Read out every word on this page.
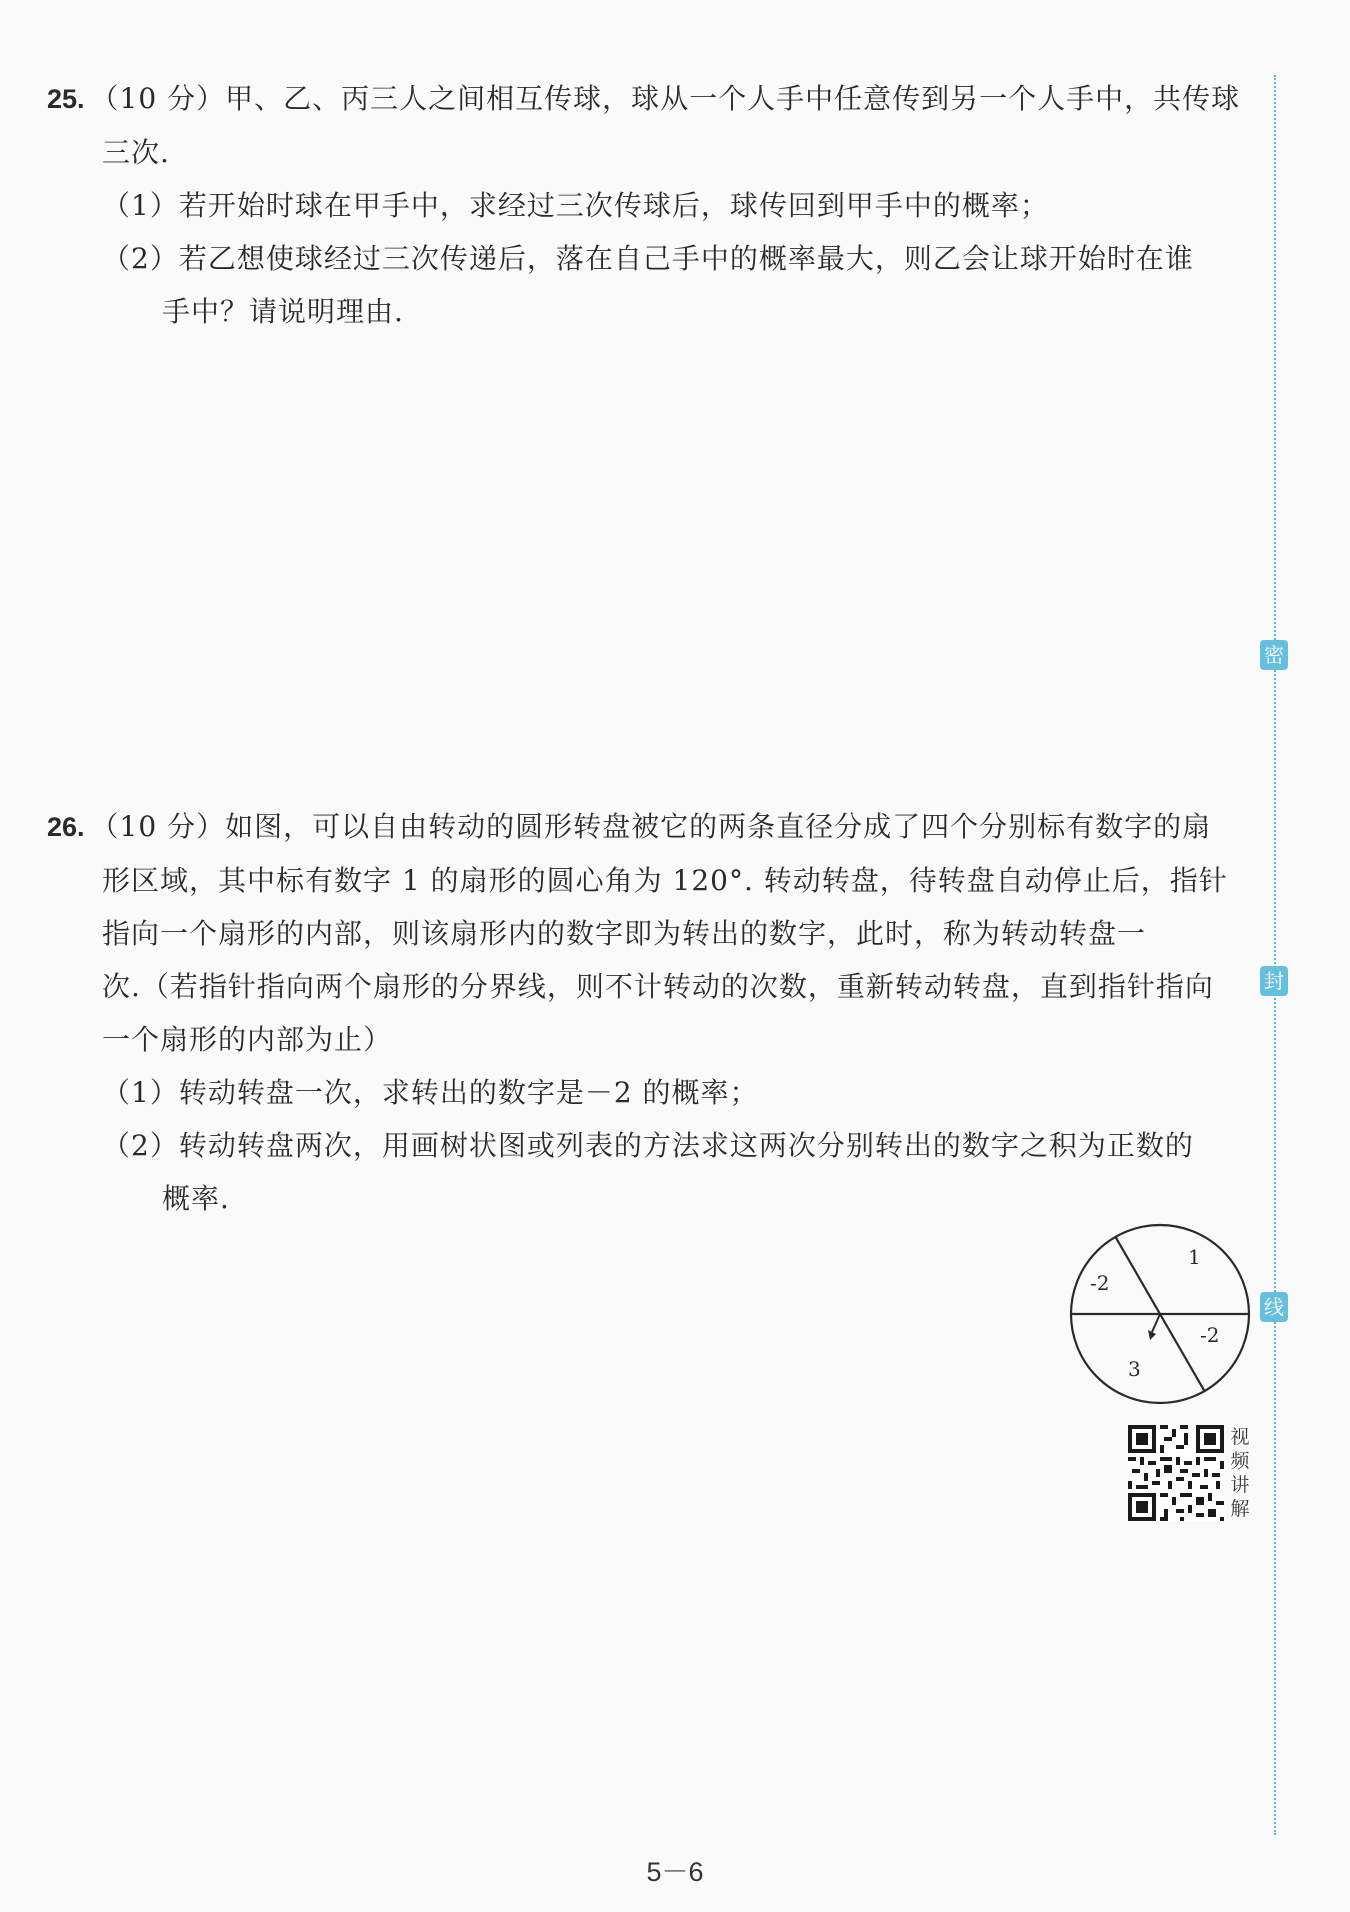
25. （10 分）甲、乙、丙三人之间相互传球，球从一个人手中任意传到另一个人手中，共传球
三次.
（1）若开始时球在甲手中，求经过三次传球后，球传回到甲手中的概率；
（2）若乙想使球经过三次传递后，落在自己手中的概率最大，则乙会让球开始时在谁
手中？请说明理由.
26. （10 分）如图，可以自由转动的圆形转盘被它的两条直径分成了四个分别标有数字的扇
形区域，其中标有数字 1 的扇形的圆心角为 120°. 转动转盘，待转盘自动停止后，指针
指向一个扇形的内部，则该扇形内的数字即为转出的数字，此时，称为转动转盘一
次.（若指针指向两个扇形的分界线，则不计转动的次数，重新转动转盘，直到指针指向
一个扇形的内部为止）
（1）转动转盘一次，求转出的数字是－2 的概率；
（2）转动转盘两次，用画树状图或列表的方法求这两次分别转出的数字之积为正数的
概率.
1
-2
3
-2
视
频
讲
解
密
封
线
5－6
